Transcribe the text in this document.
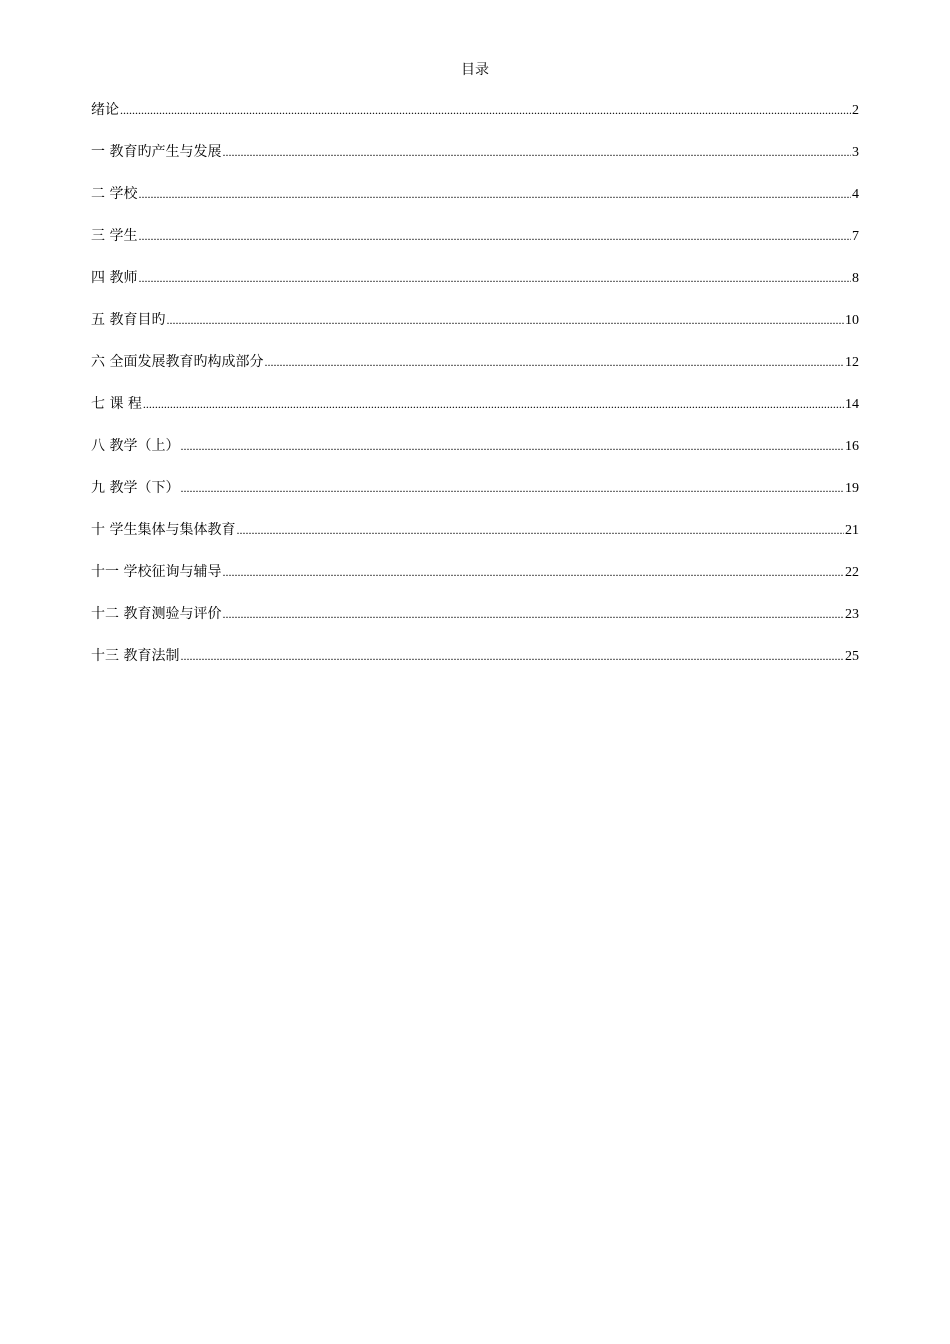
目录
绪论 .....	2
一 教育旳产生与发展 .....	3
二 学校 .....	4
三 学生 .....	7
四 教师 .....	8
五 教育目旳 .....	10
六 全面发展教育旳构成部分 .....	12
七 课 程 .....	14
八 教学（上） .....	16
九 教学（下） .....	19
十 学生集体与集体教育 .....	21
十一 学校征询与辅导 .....	22
十二 教育测验与评价 .....	23
十三 教育法制 .....	25
